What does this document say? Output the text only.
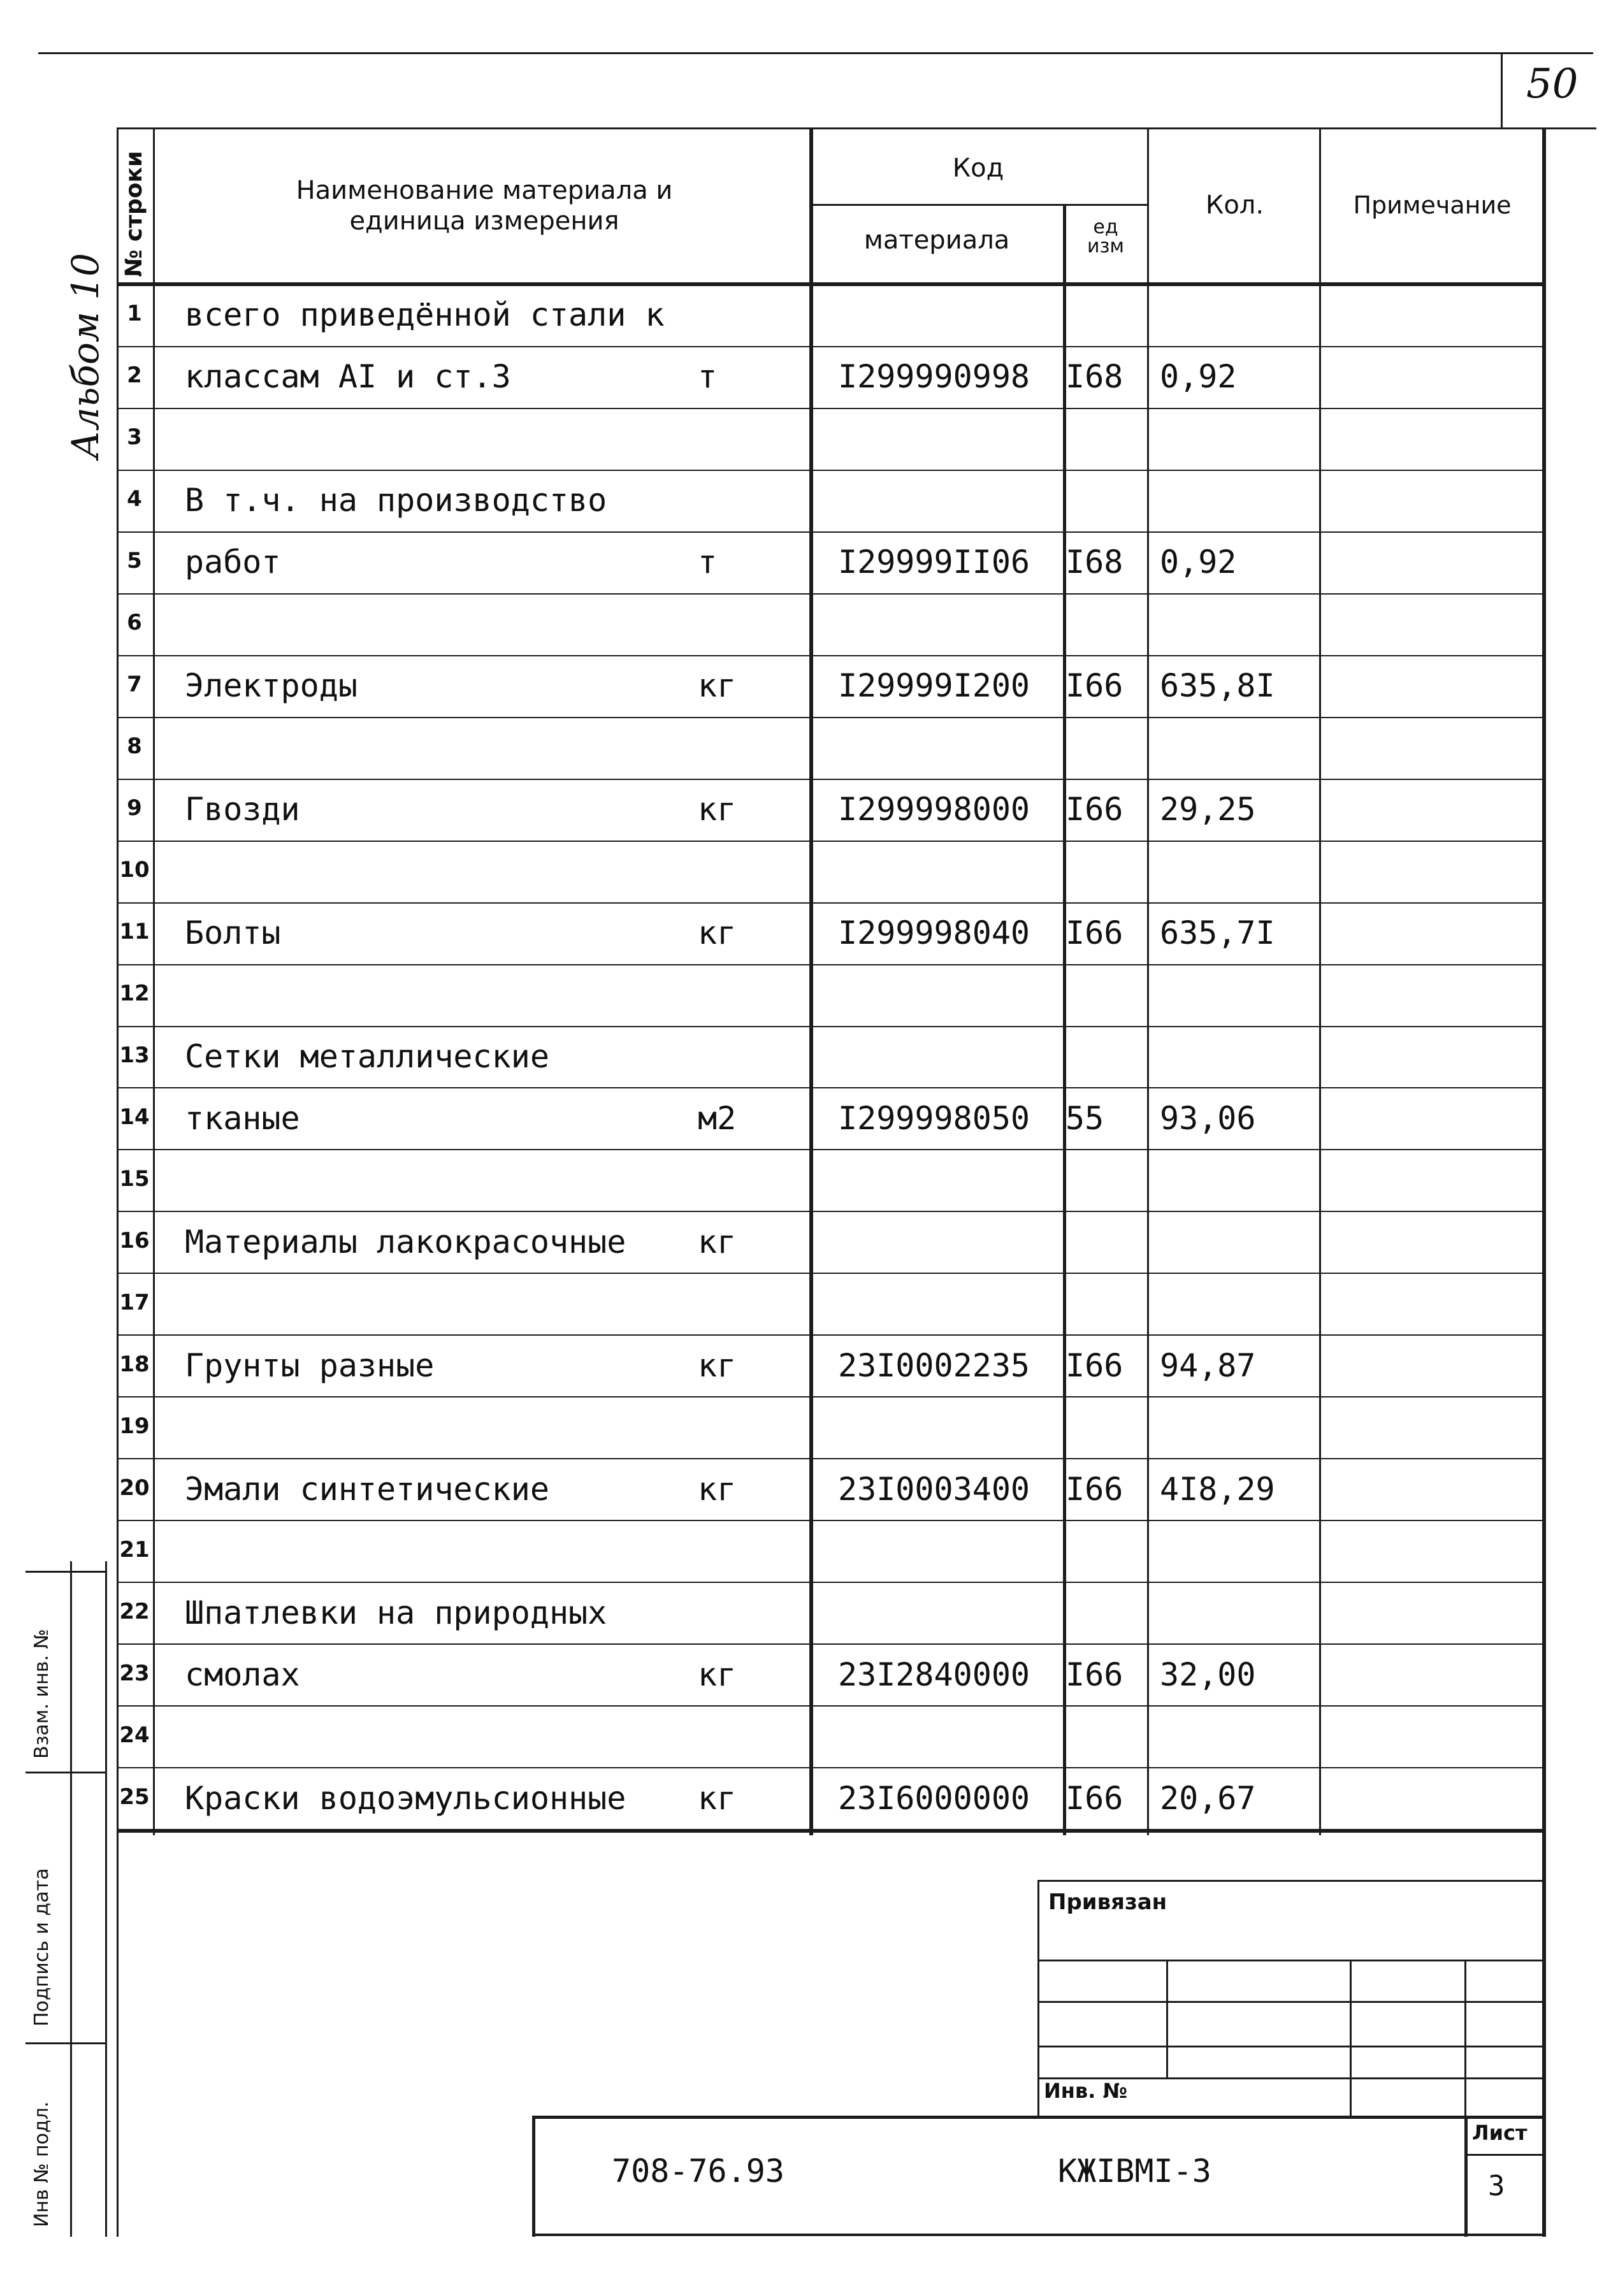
50
Альбом 10
№ строки	Наименование материала и единица измерения
Код
материала	ед изм
Кол.	Примечание
1 всего приведённой стали к
2 классам АI и ст.3	т	I299990998 I68 0,92
3
4 В т.ч. на производство
5 работ	т	I29999II06 I68 0,92
6
7 Электроды	кг	I29999I200 I66 635,8I
8
9 Гвозди	кг	I299998000 I66 29,25
10
11 Болты	кг	I299998040 I66 635,7I
12
13 Сетки металлические
14 тканые	м2	I299998050 55 93,06
15
16 Материалы лакокрасочные кг
17
18 Грунты разные	кг	23I0002235 I66 94,87
19
20 Эмали синтетические	кг	23I0003400 I66 4I8,29
21
22 Шпатлевки на природных
23 смолах	кг	23I2840000 I66 32,00
24
25 Краски водоэмульсионные кг	23I6000000 I66 20,67
Взам. инв. №
Подпись и дата
Инв № подл.
Привязан
Инв. №
708-76.93	КЖIВМI-3
Лист
3
